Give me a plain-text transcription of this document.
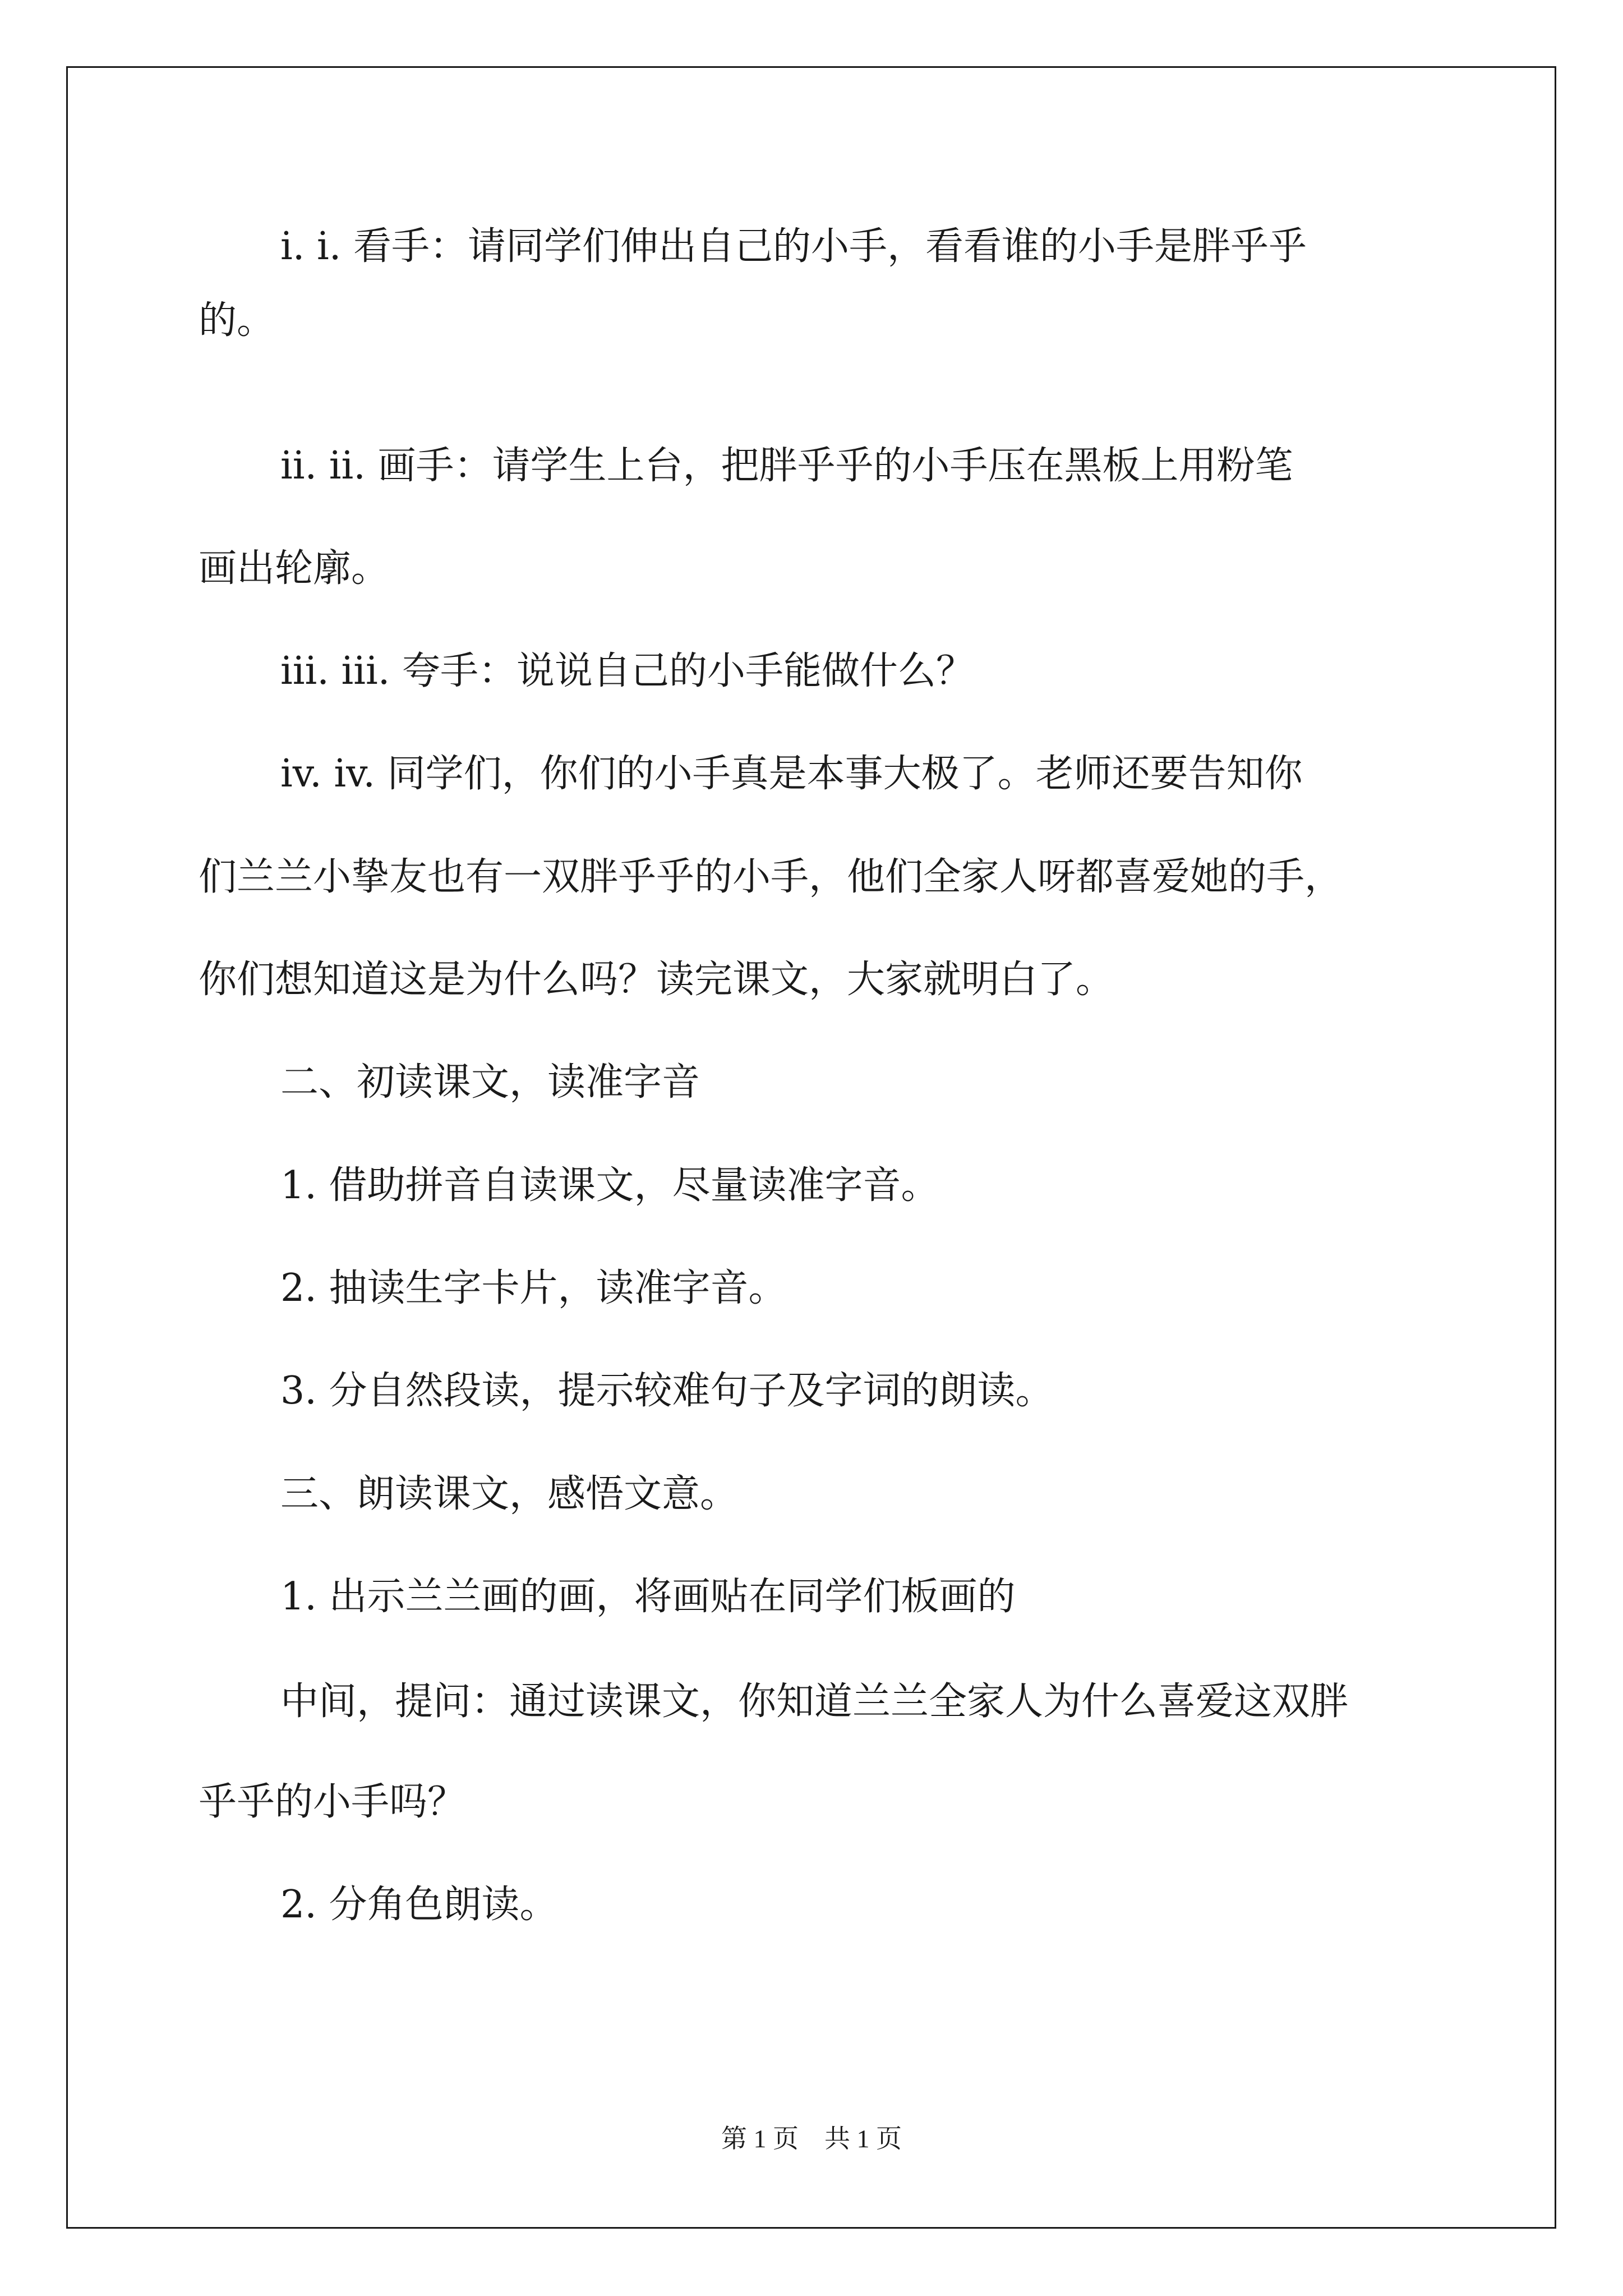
i. i. 看手：请同学们伸出自己的小手，看看谁的小手是胖乎乎
的。
ii. ii. 画手：请学生上台，把胖乎乎的小手压在黑板上用粉笔
画出轮廓。
iii. iii. 夸手：说说自己的小手能做什么？
iv. iv. 同学们，你们的小手真是本事大极了。老师还要告知你
们兰兰小挚友也有一双胖乎乎的小手，他们全家人呀都喜爱她的手，
你们想知道这是为什么吗？读完课文，大家就明白了。
二、初读课文，读准字音
1. 借助拼音自读课文，尽量读准字音。
2. 抽读生字卡片，读准字音。
3. 分自然段读，提示较难句子及字词的朗读。
三、朗读课文，感悟文意。
1. 出示兰兰画的画，将画贴在同学们板画的
中间，提问：通过读课文，你知道兰兰全家人为什么喜爱这双胖
乎乎的小手吗？
2. 分角色朗读。
第 1 页　共 1 页
